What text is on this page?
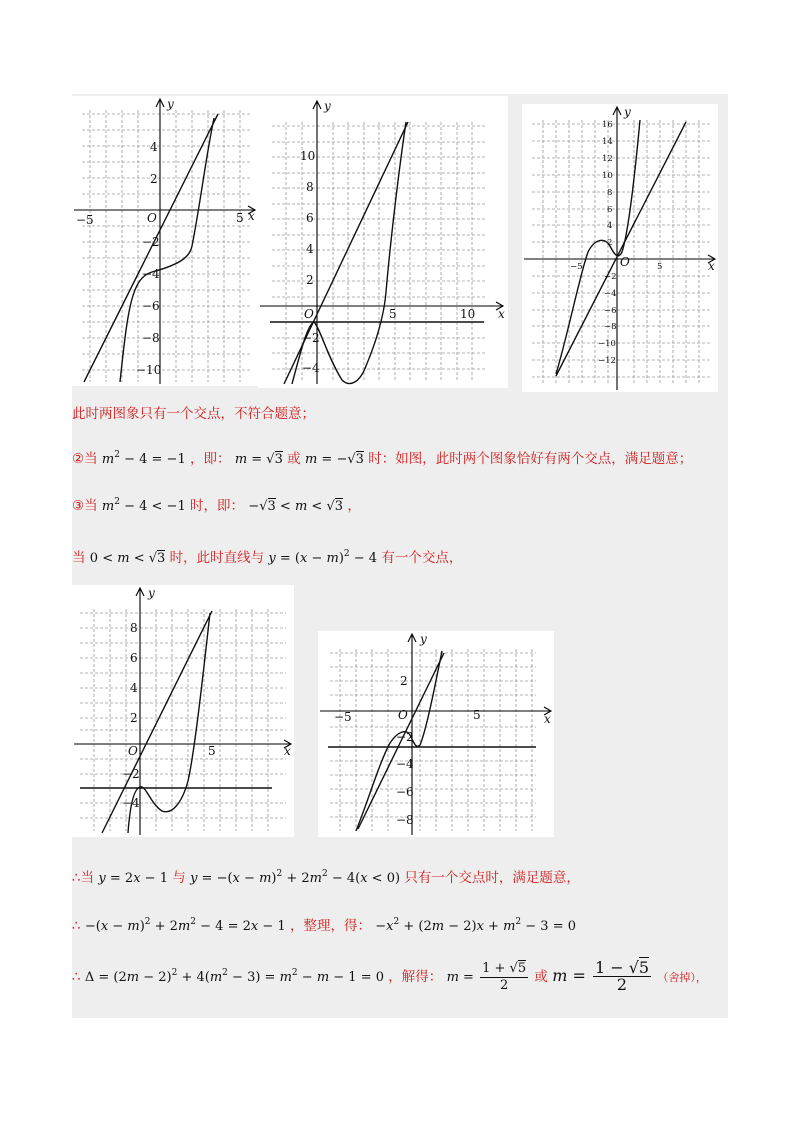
x
y
O
−5	5
4
2
−2
−4
−6
−8
−10
x
y
O	5	10
10
8
6
4
2
−2
−4
x
y
O
−5	5
16
14
12
10
8
6
4
2
−2
−4
−6
−8
−10
−12
此时两图象只有一个交点，不符合题意；
②当 $m^2 - 4 = -1$ ，即： m = √3 或 m = −√3 时：如图，此时两个图象恰好有两个交点，满足题意；
③当 $m^2 - 4 < -1$ 时，即： −√3 < m < √3 ，
当 0 < m < √3 时，此时直线与 $y = (x - m)^2 - 4$ 有一个交点，
x
y
O	5
8
6
4
2
−2
−4
x
y
O
−5	5
2
−2
−4
−6
−8
∴当 y = 2x − 1 与 $y = -(x - m)^2 + 2m^2 - 4(x < 0)$ 只有一个交点时，满足题意，
∴ $-(x - m)^2 + 2m^2 - 4 = 2x - 1$ ，整理，得： $-x^2 + (2m - 2)x + m^2 - 3 = 0$
∴ $\Delta = (2m - 2)^2 + 4(m^2 - 3) = m^2 - m - 1 = 0$ ，解得： $m = \frac{1 + √5}{2}$ 或 $m = \frac{1 - √5}{2}$ （舍掉），
